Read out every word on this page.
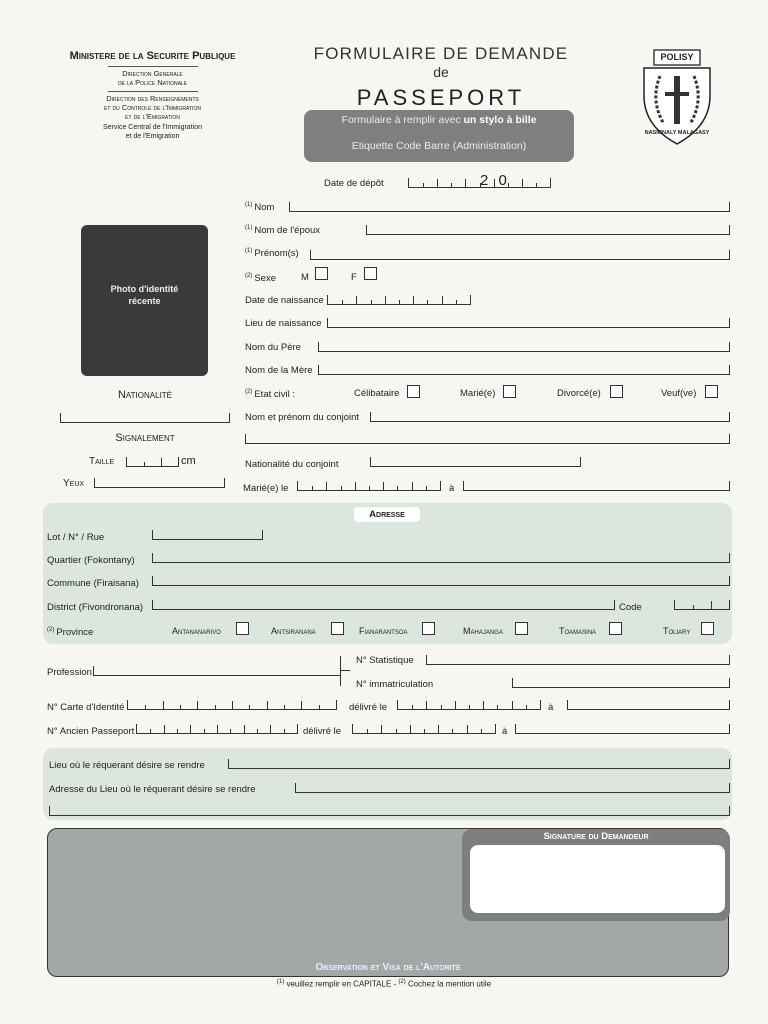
Ministere de la Securite Publique
Direction Generale
de la Police Nationale
Direction des Renseignements
et du Controle de l'Immigration
et de l'Emigration
Service Central de l'Immigration
et de l'Emigration
FORMULAIRE DE DEMANDE
de
PASSEPORT
Formulaire à remplir avec un stylo à bille
Etiquette Code Barre (Administration)
POLISY
NASIONALY MALAGASY
Photo d'identité
récente
Date de dépôt	2 0
$^{(1)}$ Nom
$^{(1)}$ Nom de l'époux
$^{(1)}$ Prénom(s)
$^{(2)}$ Sexe	M	F
Date de naissance
Lieu de naissance
Nom du Père
Nom de la Mère
$^{(2)}$ Etat civil :	Célibataire	Marié(e)	Divorcé(e)	Veuf(ve)
Nom et prénom du conjoint
Nationalité du conjoint
Marié(e) le	à
Nationalité
Signalement
Taille	cm
Yeux
Adresse
Lot / N° / Rue
Quartier (Fokontany)
Commune (Firaisana)
District (Fivondronana)	Code
$^{(2)}$ Province	Antananarivo	Antsiranana	Fianarantsoa	Mahajanga	Toamasina	Toliary
Profession
N° Statistique
N° immatriculation
N° Carte d'Identité	délivré le	à
N° Ancien Passeport	délivré le	à
Lieu où le réquerant désire se rendre
Adresse du Lieu où le réquerant désire se rendre
Signature du Demandeur
Observation et Visa de l'Autorité
$^{(1)}$ veuillez remplir en CAPITALE - $^{(2)}$ Cochez la mention utile
